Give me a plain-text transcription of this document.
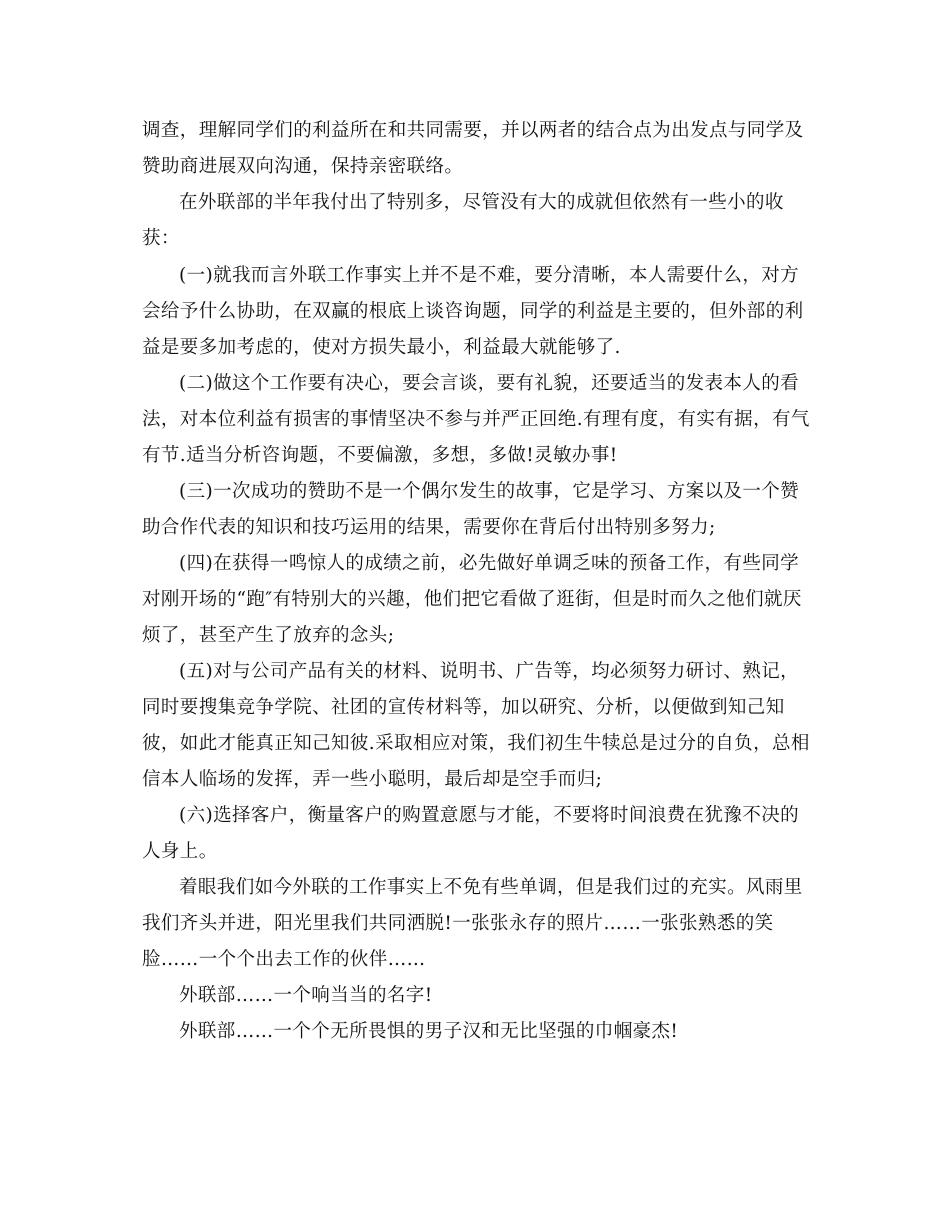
调查，理解同学们的利益所在和共同需要，并以两者的结合点为出发点与同学及
赞助商进展双向沟通，保持亲密联络。
在外联部的半年我付出了特别多，尽管没有大的成就但依然有一些小的收
获：
(一)就我而言外联工作事实上并不是不难，要分清晰，本人需要什么，对方
会给予什么协助，在双赢的根底上谈咨询题，同学的利益是主要的，但外部的利
益是要多加考虑的，使对方损失最小，利益最大就能够了.
(二)做这个工作要有决心，要会言谈，要有礼貌，还要适当的发表本人的看
法，对本位利益有损害的事情坚决不参与并严正回绝.有理有度，有实有据，有气
有节.适当分析咨询题，不要偏激，多想，多做!灵敏办事!
(三)一次成功的赞助不是一个偶尔发生的故事，它是学习、方案以及一个赞
助合作代表的知识和技巧运用的结果，需要你在背后付出特别多努力;
(四)在获得一鸣惊人的成绩之前，必先做好单调乏味的预备工作，有些同学
对刚开场的“跑″有特别大的兴趣，他们把它看做了逛街，但是时而久之他们就厌
烦了，甚至产生了放弃的念头;
(五)对与公司产品有关的材料、说明书、广告等，均必须努力研讨、熟记，
同时要搜集竞争学院、社团的宣传材料等，加以研究、分析，以便做到知己知
彼，如此才能真正知己知彼.采取相应对策，我们初生牛犊总是过分的自负，总相
信本人临场的发挥，弄一些小聪明，最后却是空手而归;
(六)选择客户，衡量客户的购置意愿与才能，不要将时间浪费在犹豫不决的
人身上。
着眼我们如今外联的工作事实上不免有些单调，但是我们过的充实。风雨里
我们齐头并进，阳光里我们共同洒脱!一张张永存的照片……一张张熟悉的笑
脸……一个个出去工作的伙伴……
外联部……一个响当当的名字!
外联部……一个个无所畏惧的男子汉和无比坚强的巾帼豪杰!
